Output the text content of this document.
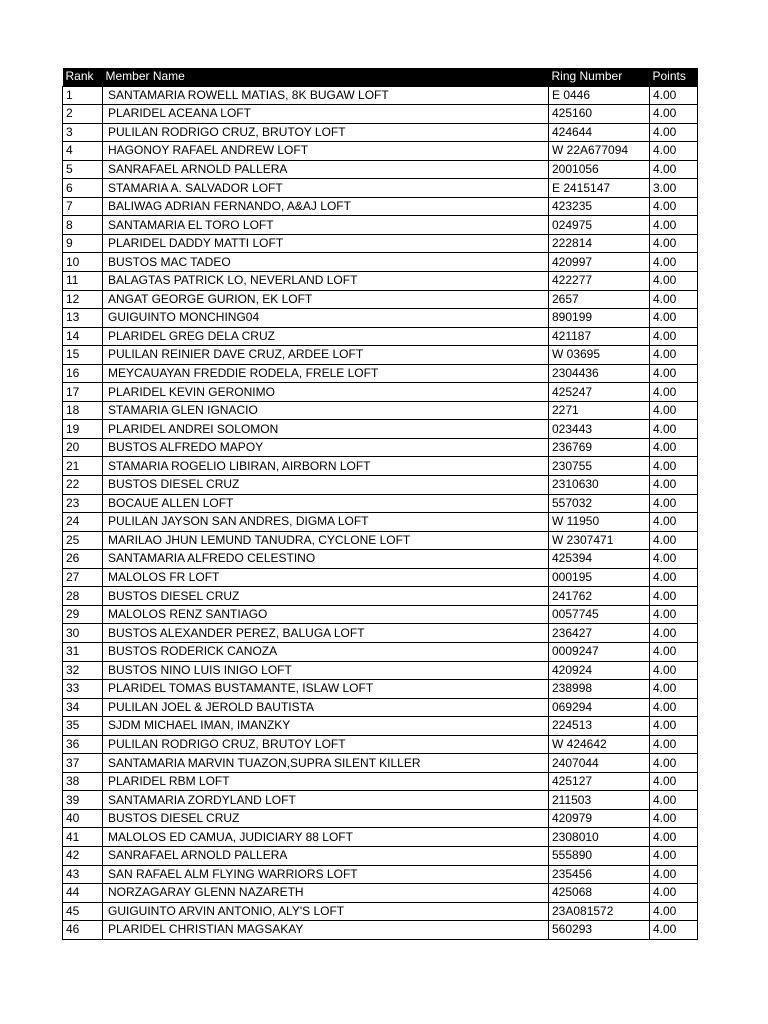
Rank	Member Name	Ring Number	Points
1	SANTAMARIA ROWELL MATIAS, 8K BUGAW LOFT	E 0446	4.00
2	PLARIDEL ACEANA LOFT	425160	4.00
3	PULILAN RODRIGO CRUZ, BRUTOY LOFT	424644	4.00
4	HAGONOY RAFAEL ANDREW LOFT	W 22A677094	4.00
5	SANRAFAEL ARNOLD PALLERA	2001056	4.00
6	STAMARIA A. SALVADOR LOFT	E 2415147	3.00
7	BALIWAG ADRIAN FERNANDO, A&AJ LOFT	423235	4.00
8	SANTAMARIA EL TORO LOFT	024975	4.00
9	PLARIDEL DADDY MATTI LOFT	222814	4.00
10	BUSTOS MAC TADEO	420997	4.00
11	BALAGTAS PATRICK LO, NEVERLAND LOFT	422277	4.00
12	ANGAT GEORGE GURION, EK LOFT	2657	4.00
13	GUIGUINTO MONCHING04	890199	4.00
14	PLARIDEL GREG DELA CRUZ	421187	4.00
15	PULILAN REINIER DAVE CRUZ, ARDEE LOFT	W 03695	4.00
16	MEYCAUAYAN FREDDIE RODELA, FRELE LOFT	2304436	4.00
17	PLARIDEL KEVIN GERONIMO	425247	4.00
18	STAMARIA GLEN IGNACIO	2271	4.00
19	PLARIDEL ANDREI SOLOMON	023443	4.00
20	BUSTOS ALFREDO MAPOY	236769	4.00
21	STAMARIA ROGELIO LIBIRAN, AIRBORN LOFT	230755	4.00
22	BUSTOS DIESEL CRUZ	2310630	4.00
23	BOCAUE ALLEN LOFT	557032	4.00
24	PULILAN JAYSON SAN ANDRES, DIGMA LOFT	W 11950	4.00
25	MARILAO JHUN LEMUND TANUDRA, CYCLONE LOFT	W 2307471	4.00
26	SANTAMARIA ALFREDO CELESTINO	425394	4.00
27	MALOLOS FR LOFT	000195	4.00
28	BUSTOS DIESEL CRUZ	241762	4.00
29	MALOLOS RENZ SANTIAGO	0057745	4.00
30	BUSTOS ALEXANDER PEREZ, BALUGA LOFT	236427	4.00
31	BUSTOS RODERICK CANOZA	0009247	4.00
32	BUSTOS NINO LUIS INIGO LOFT	420924	4.00
33	PLARIDEL TOMAS BUSTAMANTE, ISLAW LOFT	238998	4.00
34	PULILAN JOEL & JEROLD BAUTISTA	069294	4.00
35	SJDM MICHAEL IMAN, IMANZKY	224513	4.00
36	PULILAN RODRIGO CRUZ, BRUTOY LOFT	W 424642	4.00
37	SANTAMARIA MARVIN TUAZON,SUPRA SILENT KILLER	2407044	4.00
38	PLARIDEL RBM LOFT	425127	4.00
39	SANTAMARIA ZORDYLAND LOFT	211503	4.00
40	BUSTOS DIESEL CRUZ	420979	4.00
41	MALOLOS ED CAMUA, JUDICIARY 88 LOFT	2308010	4.00
42	SANRAFAEL ARNOLD PALLERA	555890	4.00
43	SAN RAFAEL ALM FLYING WARRIORS LOFT	235456	4.00
44	NORZAGARAY GLENN NAZARETH	425068	4.00
45	GUIGUINTO ARVIN ANTONIO, ALY'S LOFT	23A081572	4.00
46	PLARIDEL CHRISTIAN MAGSAKAY	560293	4.00
